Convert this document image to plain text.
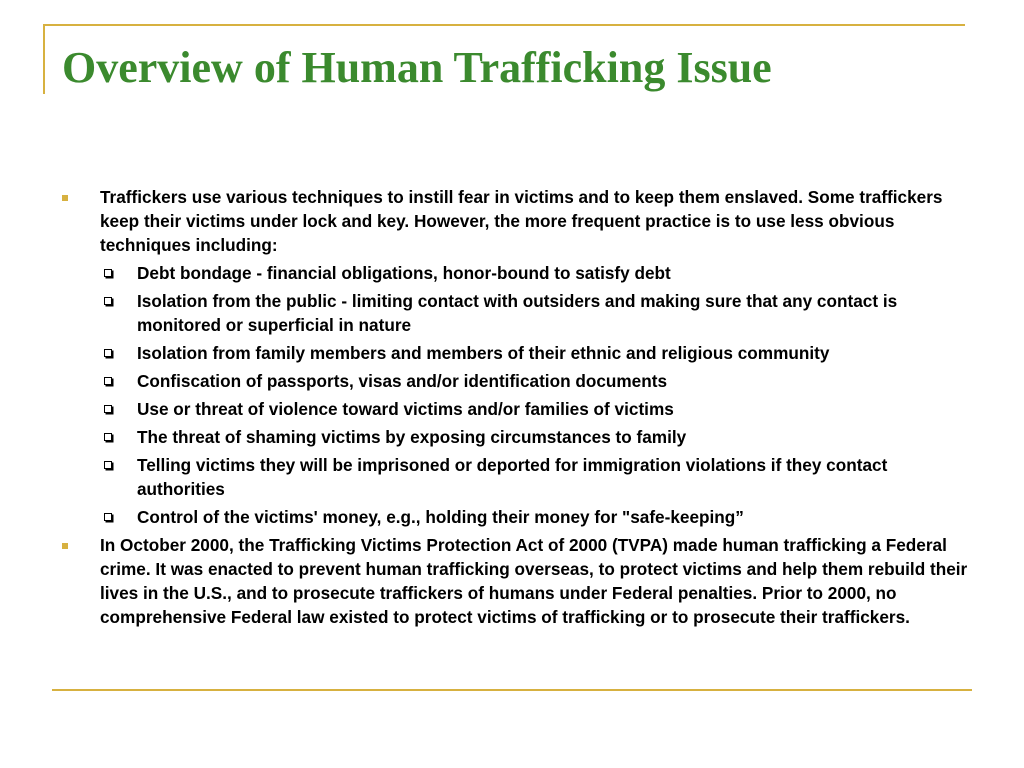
Overview of Human Trafficking Issue
Traffickers use various techniques to instill fear in victims and to keep them enslaved. Some traffickers keep their victims under lock and key. However, the more frequent practice is to use less obvious techniques including:
Debt bondage - financial obligations, honor-bound to satisfy debt
Isolation from the public - limiting contact with outsiders and making sure that any contact is monitored or superficial in nature
Isolation from family members and members of their ethnic and religious community
Confiscation of passports, visas and/or identification documents
Use or threat of violence toward victims and/or families of victims
The threat of shaming victims by exposing circumstances to family
Telling victims they will be imprisoned or deported for immigration violations if they contact authorities
Control of the victims' money, e.g., holding their money for "safe-keeping”
In October 2000, the Trafficking Victims Protection Act of 2000 (TVPA) made human trafficking a Federal crime. It was enacted to prevent human trafficking overseas, to protect victims and help them rebuild their lives in the U.S., and to prosecute traffickers of humans under Federal penalties. Prior to 2000, no comprehensive Federal law existed to protect victims of trafficking or to prosecute their traffickers.
